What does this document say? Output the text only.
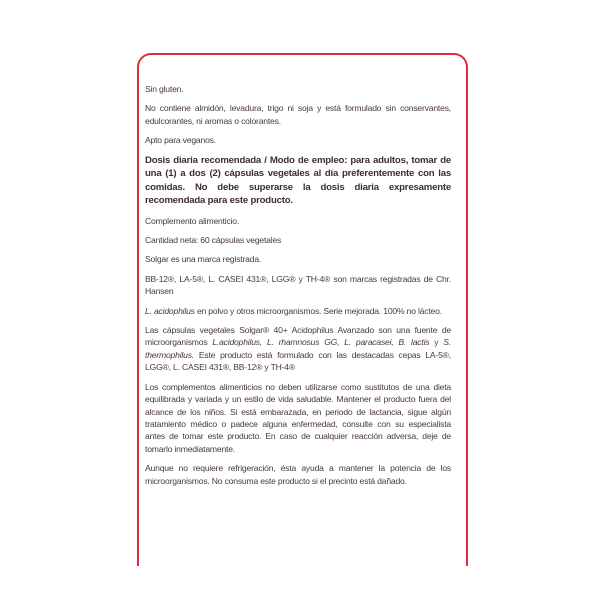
Sin gluten.

No contiene almidón, levadura, trigo ni soja y está formulado sin conservantes, edulcorantes, ni aromas o colorantes.

Apto para veganos.

Dosis diaria recomendada / Modo de empleo: para adultos, tomar de una (1) a dos (2) cápsulas vegetales al día preferentemente con las comidas. No debe superarse la dosis diaria expresamente recomendada para este producto.

Complemento alimenticio.

Cantidad neta: 60 cápsulas vegetales

Solgar es una marca registrada.

BB-12®, LA-5®, L. CASEI 431®, LGG® y TH-4® son marcas registradas de Chr. Hansen

L. acidophilus en polvo y otros microorganismos. Serie mejorada. 100% no lácteo.

Las cápsulas vegetales Solgar® 40+ Acidophilus Avanzado son una fuente de microorganismos L.acidophilus, L. rhamnosus GG, L. paracasei, B. lactis y S. thermophilus. Este producto está formulado con las destacadas cepas LA-5®, LGG®, L. CASEI 431®, BB-12® y TH-4®

Los complementos alimenticios no deben utilizarse como sustitutos de una dieta equilibrada y variada y un estilo de vida saludable. Mantener el producto fuera del alcance de los niños. Si está embarazada, en periodo de lactancia, sigue algún tratamiento médico o padece alguna enfermedad, consulte con su especialista antes de tomar este producto. En caso de cualquier reacción adversa, deje de tomarlo inmediatamente.

Aunque no requiere refrigeración, ésta ayuda a mantener la potencia de los microorganismos. No consuma este producto si el precinto está dañado.
